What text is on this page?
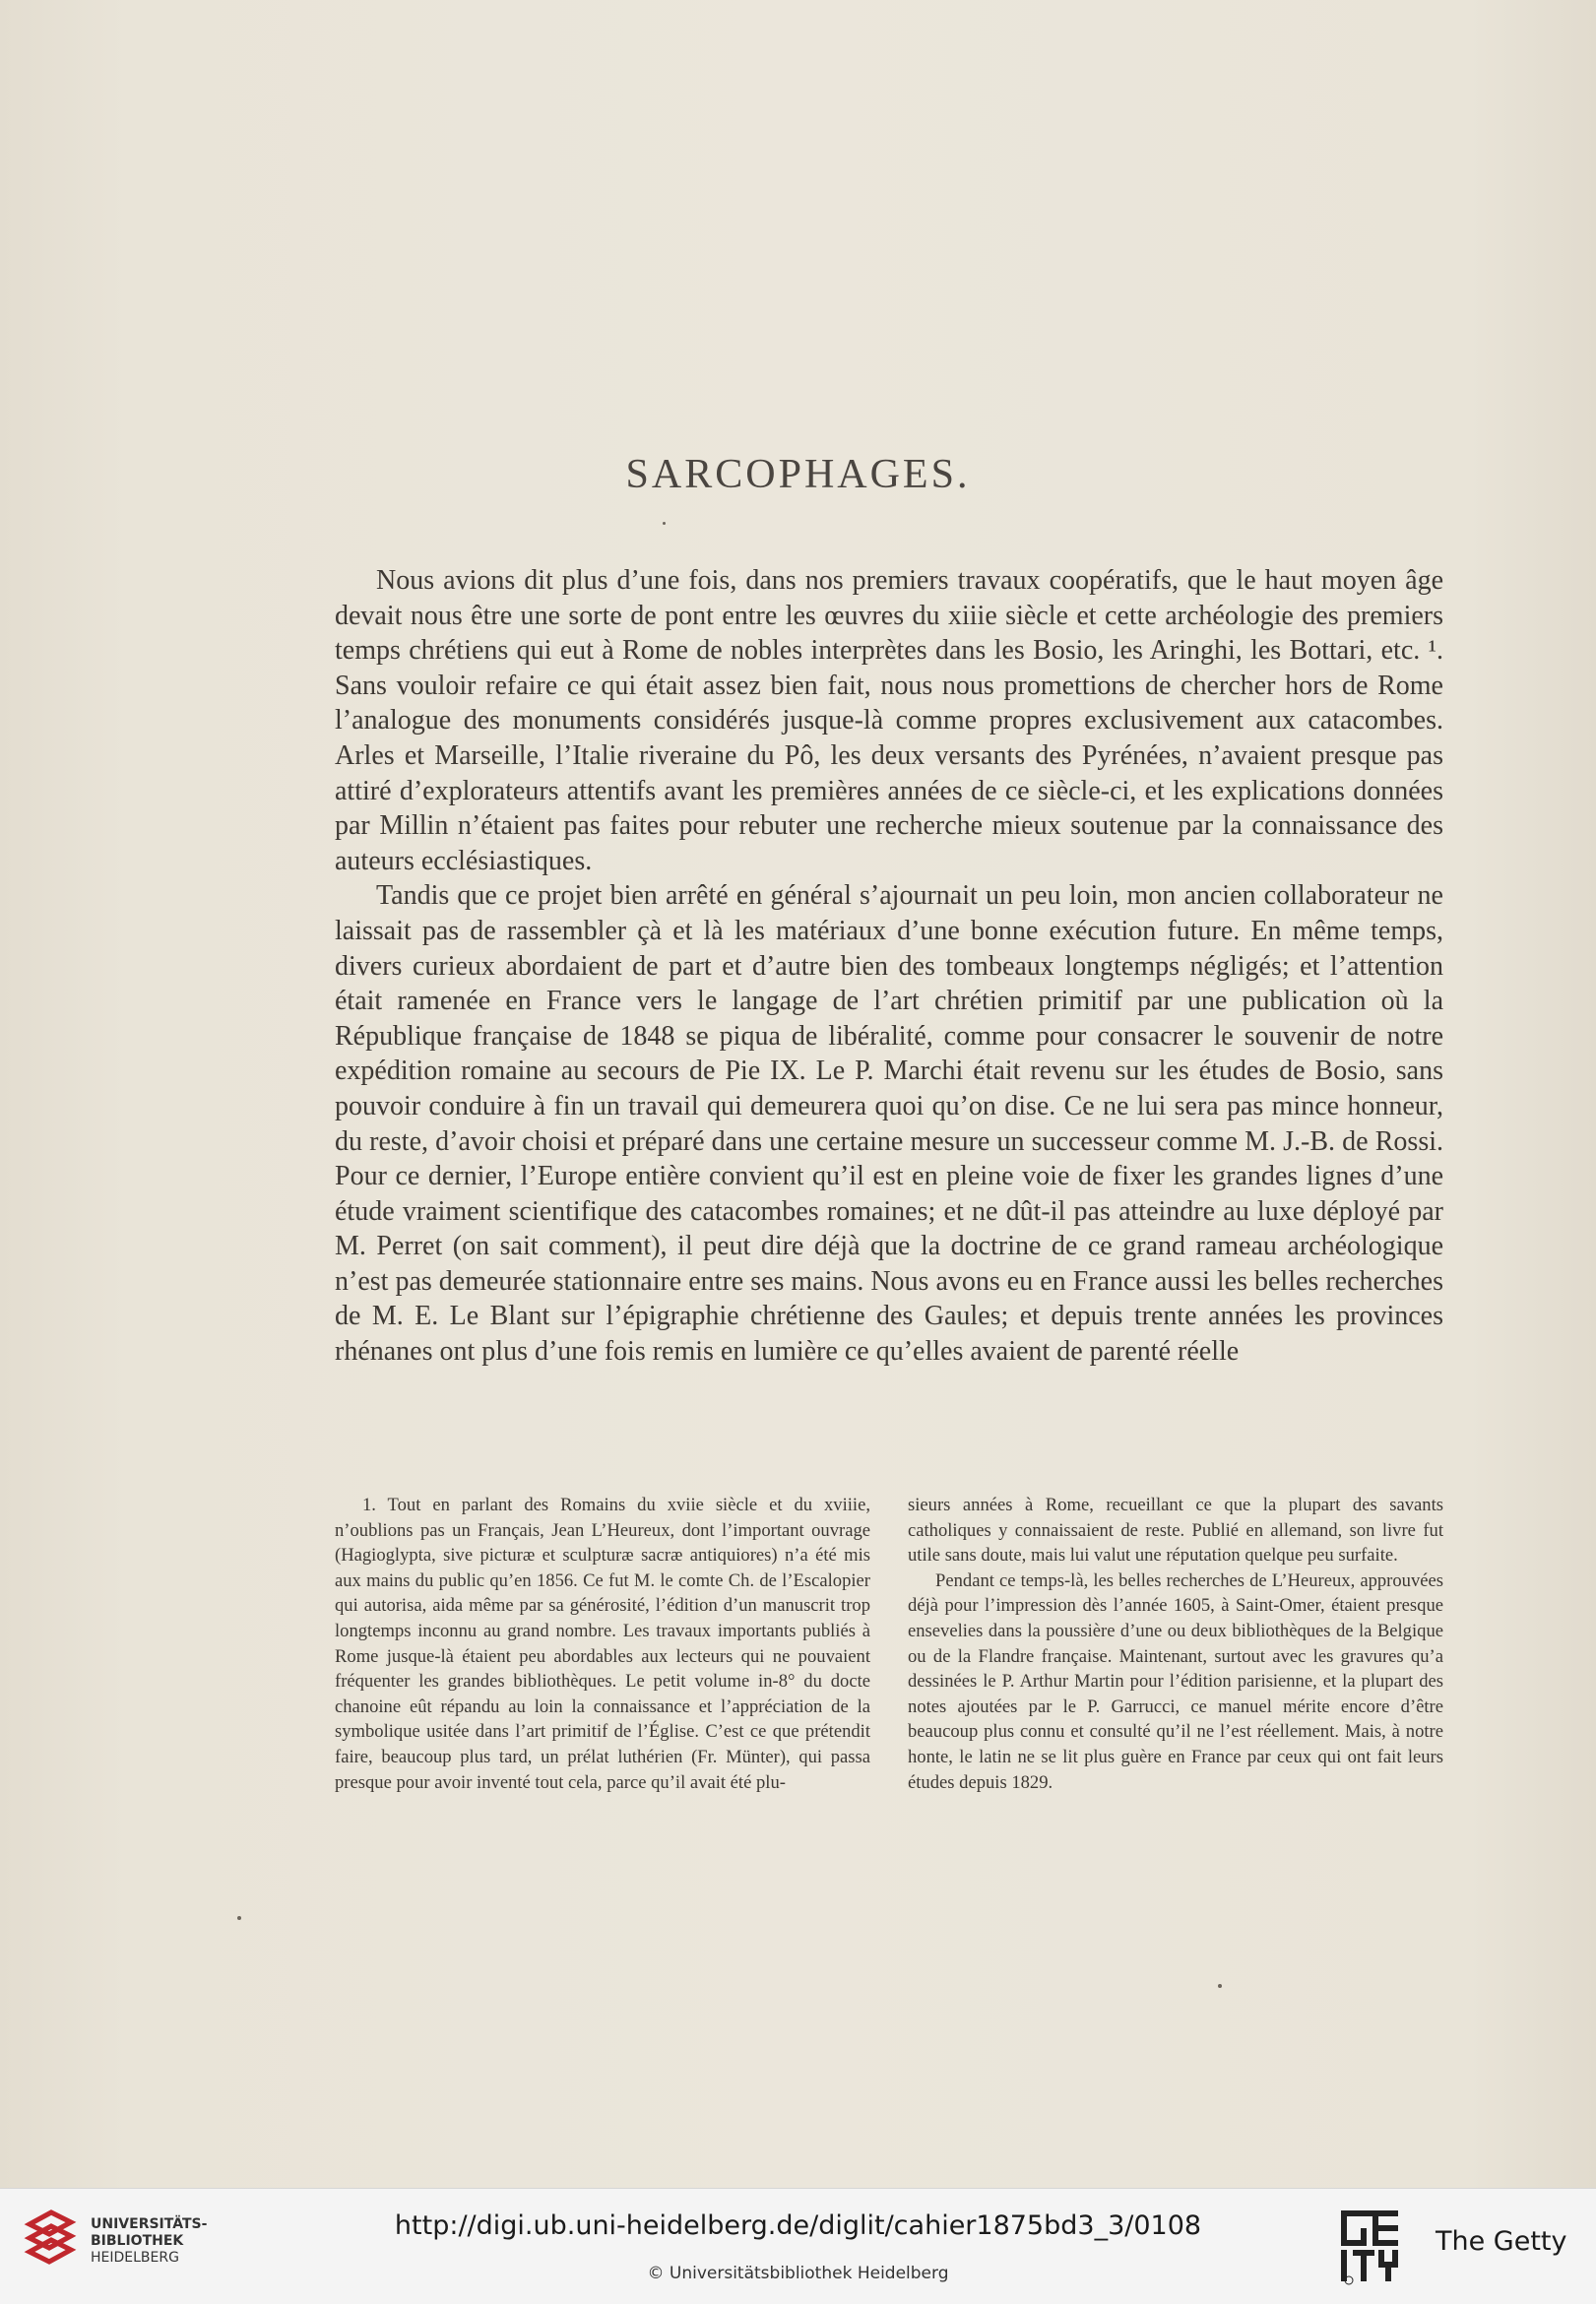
SARCOPHAGES.

Nous avions dit plus d’une fois, dans nos premiers travaux coopératifs, que le haut moyen âge devait nous être une sorte de pont entre les œuvres du xiiie siècle et cette archéologie des premiers temps chrétiens qui eut à Rome de nobles interprètes dans les Bosio, les Aringhi, les Bottari, etc. ¹. Sans vouloir refaire ce qui était assez bien fait, nous nous promettions de chercher hors de Rome l’analogue des monuments considérés jusque-là comme propres exclusivement aux catacombes. Arles et Marseille, l’Italie riveraine du Pô, les deux versants des Pyrénées, n’avaient presque pas attiré d’explorateurs attentifs avant les premières années de ce siècle-ci, et les explications données par Millin n’étaient pas faites pour rebuter une recherche mieux soutenue par la connaissance des auteurs ecclésiastiques.

Tandis que ce projet bien arrêté en général s’ajournait un peu loin, mon ancien collaborateur ne laissait pas de rassembler çà et là les matériaux d’une bonne exécution future. En même temps, divers curieux abordaient de part et d’autre bien des tombeaux longtemps négligés; et l’attention était ramenée en France vers le langage de l’art chrétien primitif par une publication où la République française de 1848 se piqua de libéralité, comme pour consacrer le souvenir de notre expédition romaine au secours de Pie IX. Le P. Marchi était revenu sur les études de Bosio, sans pouvoir conduire à fin un travail qui demeurera quoi qu’on dise. Ce ne lui sera pas mince honneur, du reste, d’avoir choisi et préparé dans une certaine mesure un successeur comme M. J.-B. de Rossi. Pour ce dernier, l’Europe entière convient qu’il est en pleine voie de fixer les grandes lignes d’une étude vraiment scientifique des catacombes romaines; et ne dût-il pas atteindre au luxe déployé par M. Perret (on sait comment), il peut dire déjà que la doctrine de ce grand rameau archéologique n’est pas demeurée stationnaire entre ses mains. Nous avons eu en France aussi les belles recherches de M. E. Le Blant sur l’épigraphie chrétienne des Gaules; et depuis trente années les provinces rhénanes ont plus d’une fois remis en lumière ce qu’elles avaient de parenté réelle

1. Tout en parlant des Romains du xviie siècle et du xviiie, n’oublions pas un Français, Jean L’Heureux, dont l’important ouvrage (Hagioglypta, sive picturæ et sculpturæ sacræ antiquiores) n’a été mis aux mains du public qu’en 1856. Ce fut M. le comte Ch. de l’Escalopier qui autorisa, aida même par sa générosité, l’édition d’un manuscrit trop longtemps inconnu au grand nombre. Les travaux importants publiés à Rome jusque-là étaient peu abordables aux lecteurs qui ne pouvaient fréquenter les grandes bibliothèques. Le petit volume in-8° du docte chanoine eût répandu au loin la connaissance et l’appréciation de la symbolique usitée dans l’art primitif de l’Église. C’est ce que prétendit faire, beaucoup plus tard, un prélat luthérien (Fr. Münter), qui passa presque pour avoir inventé tout cela, parce qu’il avait été plu-

sieurs années à Rome, recueillant ce que la plupart des savants catholiques y connaissaient de reste. Publié en allemand, son livre fut utile sans doute, mais lui valut une réputation quelque peu surfaite.

Pendant ce temps-là, les belles recherches de L’Heureux, approuvées déjà pour l’impression dès l’année 1605, à Saint-Omer, étaient presque ensevelies dans la poussière d’une ou deux bibliothèques de la Belgique ou de la Flandre française. Maintenant, surtout avec les gravures qu’a dessinées le P. Arthur Martin pour l’édition parisienne, et la plupart des notes ajoutées par le P. Garrucci, ce manuel mérite encore d’être beaucoup plus connu et consulté qu’il ne l’est réellement. Mais, à notre honte, le latin ne se lit plus guère en France par ceux qui ont fait leurs études depuis 1829.

UNIVERSITÄTS-
BIBLIOTHEK
HEIDELBERG
http://digi.ub.uni-heidelberg.de/diglit/cahier1875bd3_3/0108
© Universitätsbibliothek Heidelberg
The Getty
